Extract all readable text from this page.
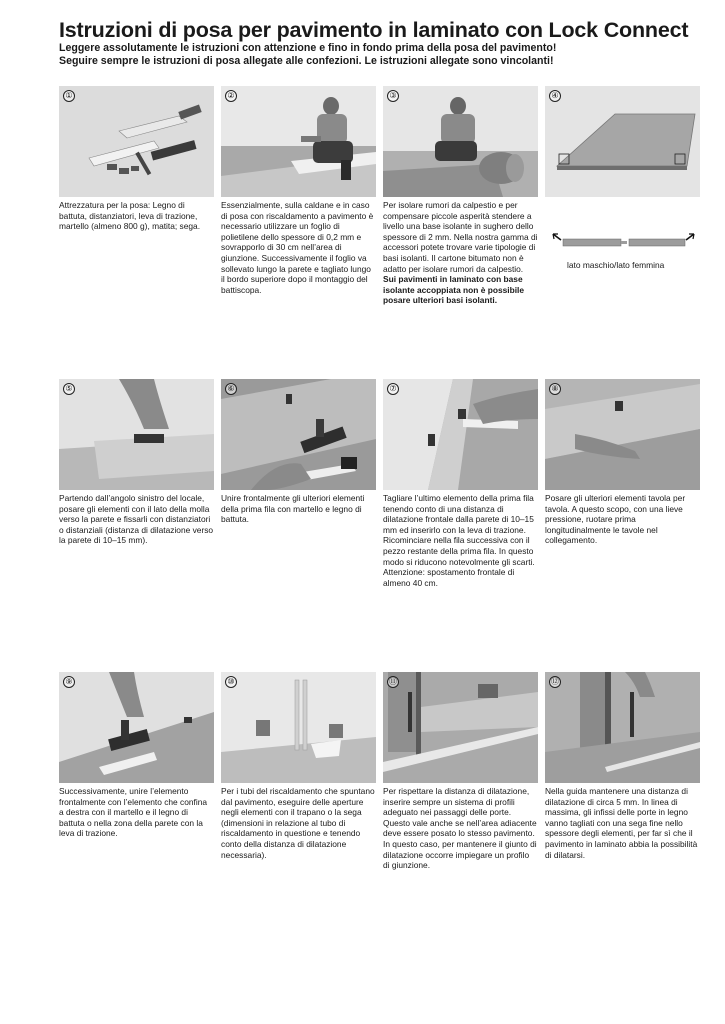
Istruzioni di posa per pavimento in laminato con Lock Connect
Leggere assolutamente le istruzioni con attenzione e fino in fondo prima della posa del pavimento!
Seguire sempre le istruzioni di posa allegate alle confezioni. Le istruzioni allegate sono vincolanti!
①
Attrezzatura per la posa: Legno di battuta, distanziatori, leva di trazione, martello (almeno 800 g), matita; sega.
②
Essenzialmente, sulla caldane e in caso di posa con riscaldamento a pavimento è necessario utilizzare un foglio di polietilene dello spessore di 0,2 mm e sovrapporlo di 30 cm nell’area di giunzione. Successivamente il foglio va sollevato lungo la parete e tagliato lungo il bordo superiore dopo il montaggio del battiscopa.
③
Per isolare rumori da calpestio e per compensare piccole asperità stendere a livello una base isolante in sughero dello spessore di 2 mm. Nella nostra gamma di accessori potete trovare varie tipologie di basi isolanti. Il cartone bitumato non è adatto per isolare rumori da calpestio. Sui pavimenti in laminato con base isolante accoppiata non è possibile posare ulteriori basi isolanti.
④
lato maschio/lato femmina
⑤
Partendo dall’angolo sinistro del locale, posare gli elementi con il lato della molla verso la parete e fissarli con distanziatori o distanziali (distanza di dilatazione verso la parete di 10–15 mm).
⑥
Unire frontalmente gli ulteriori elementi della prima fila con martello e legno di battuta.
⑦
Tagliare l’ultimo elemento della prima fila tenendo conto di una distanza di dilatazione frontale dalla parete di 10–15 mm ed inserirlo con la leva di trazione. Ricominciare nella fila successiva con il pezzo restante della prima fila. In questo modo si riducono notevolmente gli scarti. Attenzione: spostamento frontale di almeno 40 cm.
⑧
Posare gli ulteriori elementi tavola per tavola. A questo scopo, con una lieve pressione, ruotare prima longitudinalmente le tavole nel collegamento.
⑨
Successivamente, unire l’elemento frontalmente con l’elemento che confina a destra con il martello e il legno di battuta o nella zona della parete con la leva di trazione.
⑩
Per i tubi del riscaldamento che spuntano dal pavimento, eseguire delle aperture negli elementi con il trapano o la sega (dimensioni in relazione al tubo di riscaldamento in questione e tenendo conto della distanza di dilatazione necessaria).
⑪
Per rispettare la distanza di dilatazione, inserire sempre un sistema di profili adeguato nei passaggi delle porte. Questo vale anche se nell’area adiacente deve essere posato lo stesso pavimento. In questo caso, per mantenere il giunto di dilatazione occorre impiegare un profilo di giunzione.
⑫
Nella guida mantenere una distanza di dilatazione di circa 5 mm. In linea di massima, gli infissi delle porte in legno vanno tagliati con una sega fine nello spessore degli elementi, per far sì che il pavimento in laminato abbia la possibilità di dilatarsi.
